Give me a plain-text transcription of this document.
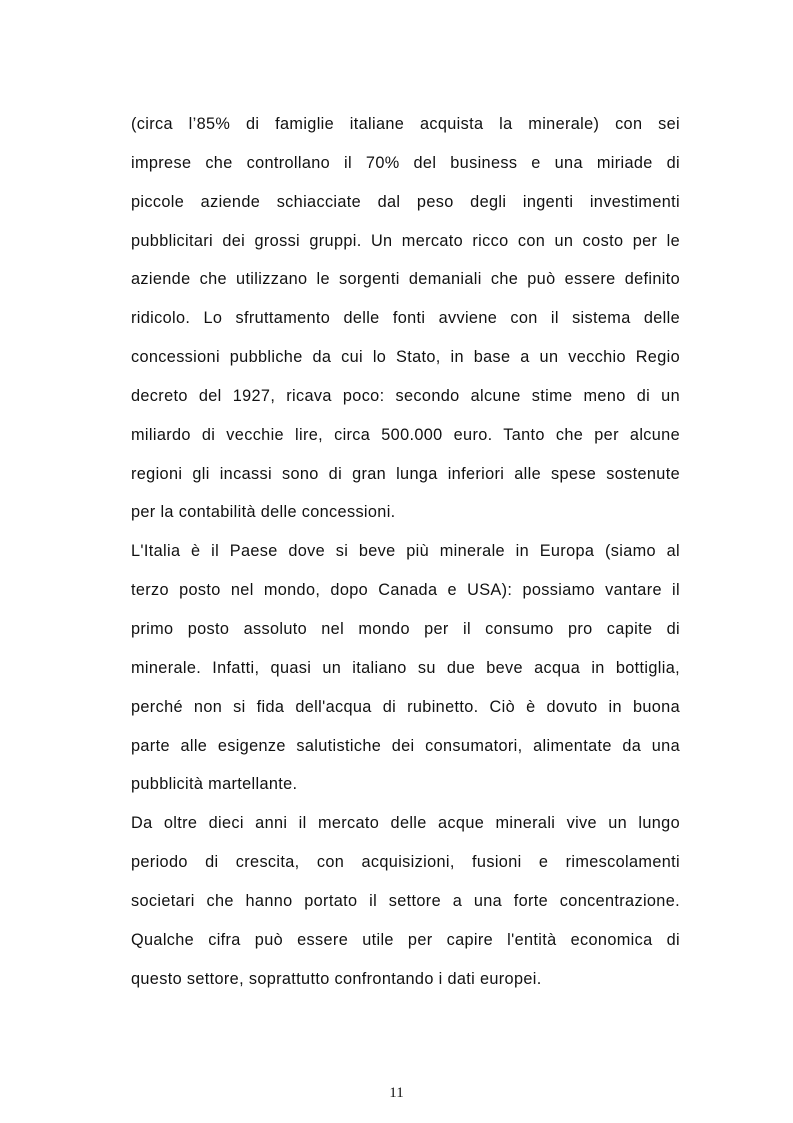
(circa l’85% di famiglie italiane acquista la minerale) con sei
imprese che controllano il 70% del business e una miriade di
piccole aziende schiacciate dal peso degli ingenti investimenti
pubblicitari dei grossi gruppi. Un mercato ricco con un costo per le
aziende che utilizzano le sorgenti demaniali che può essere definito
ridicolo. Lo sfruttamento delle fonti avviene con il sistema delle
concessioni pubbliche da cui lo Stato, in base a un vecchio Regio
decreto del 1927, ricava poco: secondo alcune stime meno di un
miliardo di vecchie lire, circa 500.000 euro. Tanto che per alcune
regioni gli incassi sono di gran lunga inferiori alle spese sostenute
per la contabilità delle concessioni.
L'Italia è il Paese dove si beve più minerale in Europa (siamo al
terzo posto nel mondo, dopo Canada e USA): possiamo vantare il
primo posto assoluto nel mondo per il consumo pro capite di
minerale. Infatti, quasi un italiano su due beve acqua in bottiglia,
perché non si fida dell'acqua di rubinetto. Ciò è dovuto in buona
parte alle esigenze salutistiche dei consumatori, alimentate da una
pubblicità martellante.
Da oltre dieci anni il mercato delle acque minerali vive un lungo
periodo di crescita, con acquisizioni, fusioni e rimescolamenti
societari che hanno portato il settore a una forte concentrazione.
Qualche cifra può essere utile per capire l'entità economica di
questo settore, soprattutto confrontando i dati europei.
11
